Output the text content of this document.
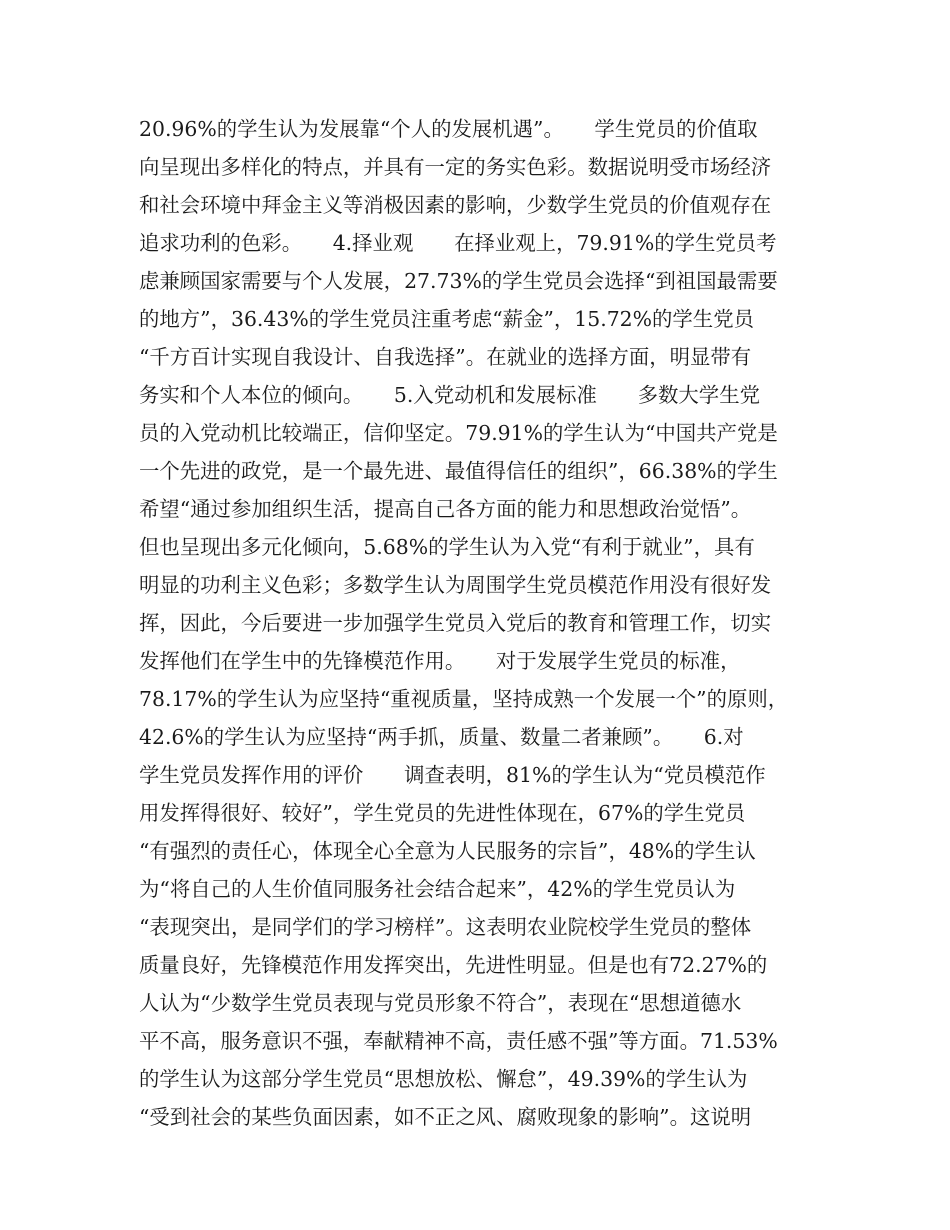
20.96%的学生认为发展靠“个人的发展机遇”。　　学生党员的价值取
向呈现出多样化的特点，并具有一定的务实色彩。数据说明受市场经济
和社会环境中拜金主义等消极因素的影响，少数学生党员的价值观存在
追求功利的色彩。　　4.择业观　　在择业观上，79.91%的学生党员考
虑兼顾国家需要与个人发展，27.73%的学生党员会选择“到祖国最需要
的地方”，36.43%的学生党员注重考虑“薪金”，15.72%的学生党员
“千方百计实现自我设计、自我选择”。在就业的选择方面，明显带有
务实和个人本位的倾向。　　5.入党动机和发展标准　　多数大学生党
员的入党动机比较端正，信仰坚定。79.91%的学生认为“中国共产党是
一个先进的政党，是一个最先进、最值得信任的组织”，66.38%的学生
希望“通过参加组织生活，提高自己各方面的能力和思想政治觉悟”。
但也呈现出多元化倾向，5.68%的学生认为入党“有利于就业”，具有
明显的功利主义色彩；多数学生认为周围学生党员模范作用没有很好发
挥，因此，今后要进一步加强学生党员入党后的教育和管理工作，切实
发挥他们在学生中的先锋模范作用。　　对于发展学生党员的标准，
78.17%的学生认为应坚持“重视质量，坚持成熟一个发展一个”的原则，
42.6%的学生认为应坚持“两手抓，质量、数量二者兼顾”。　　6.对
学生党员发挥作用的评价　　调查表明，81%的学生认为“党员模范作
用发挥得很好、较好”，学生党员的先进性体现在，67%的学生党员
“有强烈的责任心，体现全心全意为人民服务的宗旨”，48%的学生认
为“将自己的人生价值同服务社会结合起来”，42%的学生党员认为
“表现突出，是同学们的学习榜样”。这表明农业院校学生党员的整体
质量良好，先锋模范作用发挥突出，先进性明显。但是也有72.27%的
人认为“少数学生党员表现与党员形象不符合”，表现在“思想道德水
平不高，服务意识不强，奉献精神不高，责任感不强”等方面。71.53%
的学生认为这部分学生党员“思想放松、懈怠”，49.39%的学生认为
“受到社会的某些负面因素，如不正之风、腐败现象的影响”。这说明
